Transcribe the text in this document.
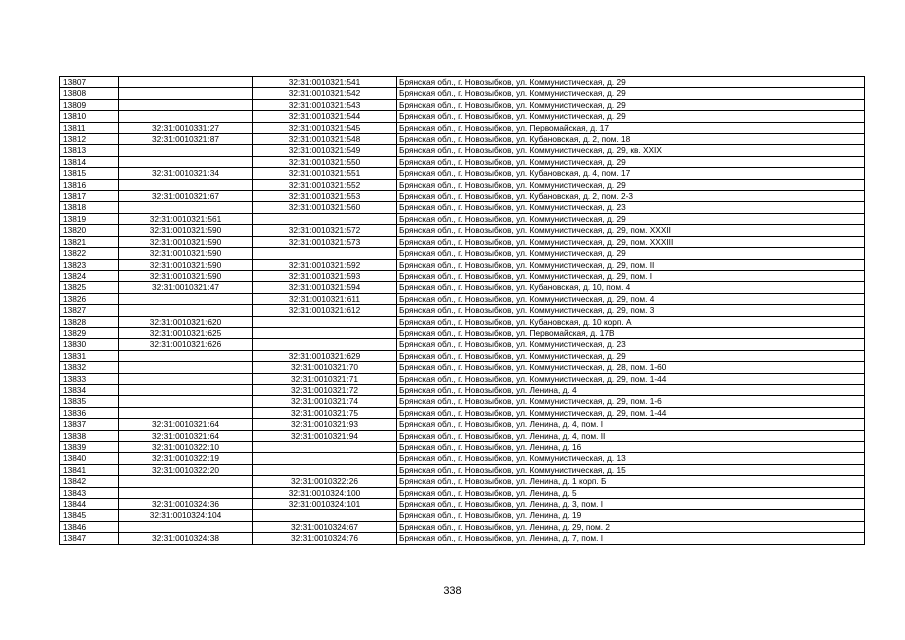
13807		32:31:0010321:541	Брянская обл., г. Новозыбков, ул. Коммунистическая, д. 29
13808		32:31:0010321:542	Брянская обл., г. Новозыбков, ул. Коммунистическая, д. 29
13809		32:31:0010321:543	Брянская обл., г. Новозыбков, ул. Коммунистическая, д. 29
13810		32:31:0010321:544	Брянская обл., г. Новозыбков, ул. Коммунистическая, д. 29
13811	32:31:0010331:27	32:31:0010321:545	Брянская обл., г. Новозыбков, ул. Первомайская, д. 17
13812	32:31:0010321:87	32:31:0010321:548	Брянская обл., г. Новозыбков, ул. Кубановская, д. 2, пом. 18
13813		32:31:0010321:549	Брянская обл., г. Новозыбков, ул. Коммунистическая, д. 29, кв. XXIX
13814		32:31:0010321:550	Брянская обл., г. Новозыбков, ул. Коммунистическая, д. 29
13815	32:31:0010321:34	32:31:0010321:551	Брянская обл., г. Новозыбков, ул. Кубановская, д. 4, пом. 17
13816		32:31:0010321:552	Брянская обл., г. Новозыбков, ул. Коммунистическая, д. 29
13817	32:31:0010321:67	32:31:0010321:553	Брянская обл., г. Новозыбков, ул. Кубановская, д. 2, пом. 2-3
13818		32:31:0010321:560	Брянская обл., г. Новозыбков, ул. Коммунистическая, д. 23
13819	32:31:0010321:561		Брянская обл., г. Новозыбков, ул. Коммунистическая, д. 29
13820	32:31:0010321:590	32:31:0010321:572	Брянская обл., г. Новозыбков, ул. Коммунистическая, д. 29, пом. XXXII
13821	32:31:0010321:590	32:31:0010321:573	Брянская обл., г. Новозыбков, ул. Коммунистическая, д. 29, пом. XXXIII
13822	32:31:0010321:590		Брянская обл., г. Новозыбков, ул. Коммунистическая, д. 29
13823	32:31:0010321:590	32:31:0010321:592	Брянская обл., г. Новозыбков, ул. Коммунистическая, д. 29, пом. II
13824	32:31:0010321:590	32:31:0010321:593	Брянская обл., г. Новозыбков, ул. Коммунистическая, д. 29, пом. I
13825	32:31:0010321:47	32:31:0010321:594	Брянская обл., г. Новозыбков, ул. Кубановская, д. 10, пом. 4
13826		32:31:0010321:611	Брянская обл., г. Новозыбков, ул. Коммунистическая, д. 29, пом. 4
13827		32:31:0010321:612	Брянская обл., г. Новозыбков, ул. Коммунистическая, д. 29, пом. 3
13828	32:31:0010321:620		Брянская обл., г. Новозыбков, ул. Кубановская, д. 10 корп. А
13829	32:31:0010321:625		Брянская обл., г. Новозыбков, ул. Первомайская, д. 17В
13830	32:31:0010321:626		Брянская обл., г. Новозыбков, ул. Коммунистическая, д. 23
13831		32:31:0010321:629	Брянская обл., г. Новозыбков, ул. Коммунистическая, д. 29
13832		32:31:0010321:70	Брянская обл., г. Новозыбков, ул. Коммунистическая, д. 28, пом. 1-60
13833		32:31:0010321:71	Брянская обл., г. Новозыбков, ул. Коммунистическая, д. 29, пом. 1-44
13834		32:31:0010321:72	Брянская обл., г. Новозыбков, ул. Ленина, д. 4
13835		32:31:0010321:74	Брянская обл., г. Новозыбков, ул. Коммунистическая, д. 29, пом. 1-6
13836		32:31:0010321:75	Брянская обл., г. Новозыбков, ул. Коммунистическая, д. 29, пом. 1-44
13837	32:31:0010321:64	32:31:0010321:93	Брянская обл., г. Новозыбков, ул. Ленина, д. 4, пом. I
13838	32:31:0010321:64	32:31:0010321:94	Брянская обл., г. Новозыбков, ул. Ленина, д. 4, пом. II
13839	32:31:0010322:10		Брянская обл., г. Новозыбков, ул. Ленина, д. 16
13840	32:31:0010322:19		Брянская обл., г. Новозыбков, ул. Коммунистическая, д. 13
13841	32:31:0010322:20		Брянская обл., г. Новозыбков, ул. Коммунистическая, д. 15
13842		32:31:0010322:26	Брянская обл., г. Новозыбков, ул. Ленина, д. 1 корп. Б
13843		32:31:0010324:100	Брянская обл., г. Новозыбков, ул. Ленина, д. 5
13844	32:31:0010324:36	32:31:0010324:101	Брянская обл., г. Новозыбков, ул. Ленина, д. 3, пом. I
13845	32:31:0010324:104		Брянская обл., г. Новозыбков, ул. Ленина, д. 19
13846		32:31:0010324:67	Брянская обл., г. Новозыбков, ул. Ленина, д. 29, пом. 2
13847	32:31:0010324:38	32:31:0010324:76	Брянская обл., г. Новозыбков, ул. Ленина, д. 7, пом. I
338
